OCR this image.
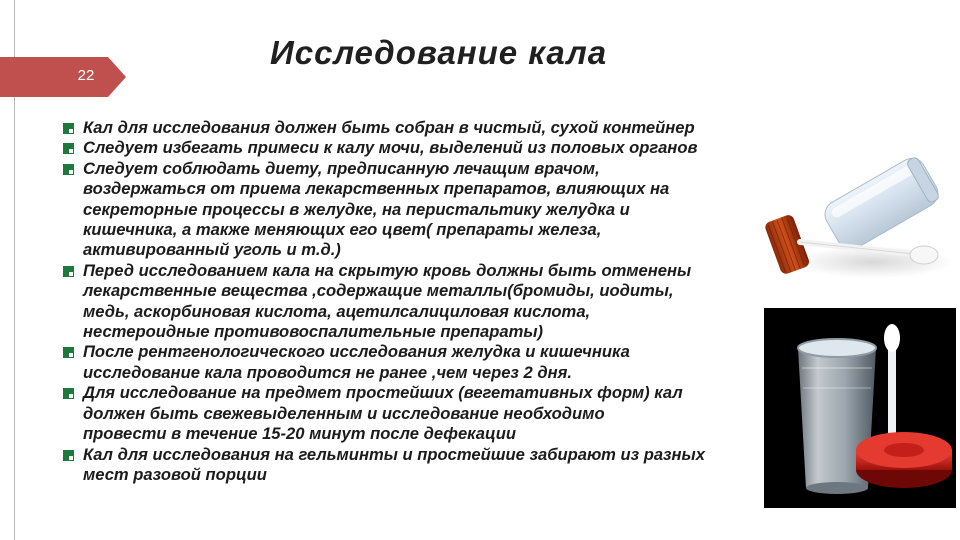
22
Исследование кала
Кал для исследования должен быть собран в чистый, сухой контейнер
Следует избегать примеси к калу мочи, выделений из половых органов
Следует соблюдать диету, предписанную лечащим врачом,
воздержаться от приема лекарственных препаратов, влияющих на
секреторные процессы в желудке, на перистальтику желудка и
кишечника, а также меняющих его цвет( препараты железа,
активированный уголь и т.д.)
Перед исследованием кала на скрытую кровь должны быть отменены
лекарственные вещества ,содержащие металлы(бромиды, иодиты,
медь, аскорбиновая кислота, ацетилсалициловая кислота,
нестероидные противовоспалительные препараты)
После рентгенологического исследования желудка и кишечника
исследование кала проводится не ранее ,чем через 2 дня.
Для исследование на предмет простейших (вегетативных форм) кал
должен быть свежевыделенным и исследование необходимо
провести в течение 15-20 минут после дефекации
Кал для исследования на гельминты и простейшие забирают из разных
мест разовой порции
